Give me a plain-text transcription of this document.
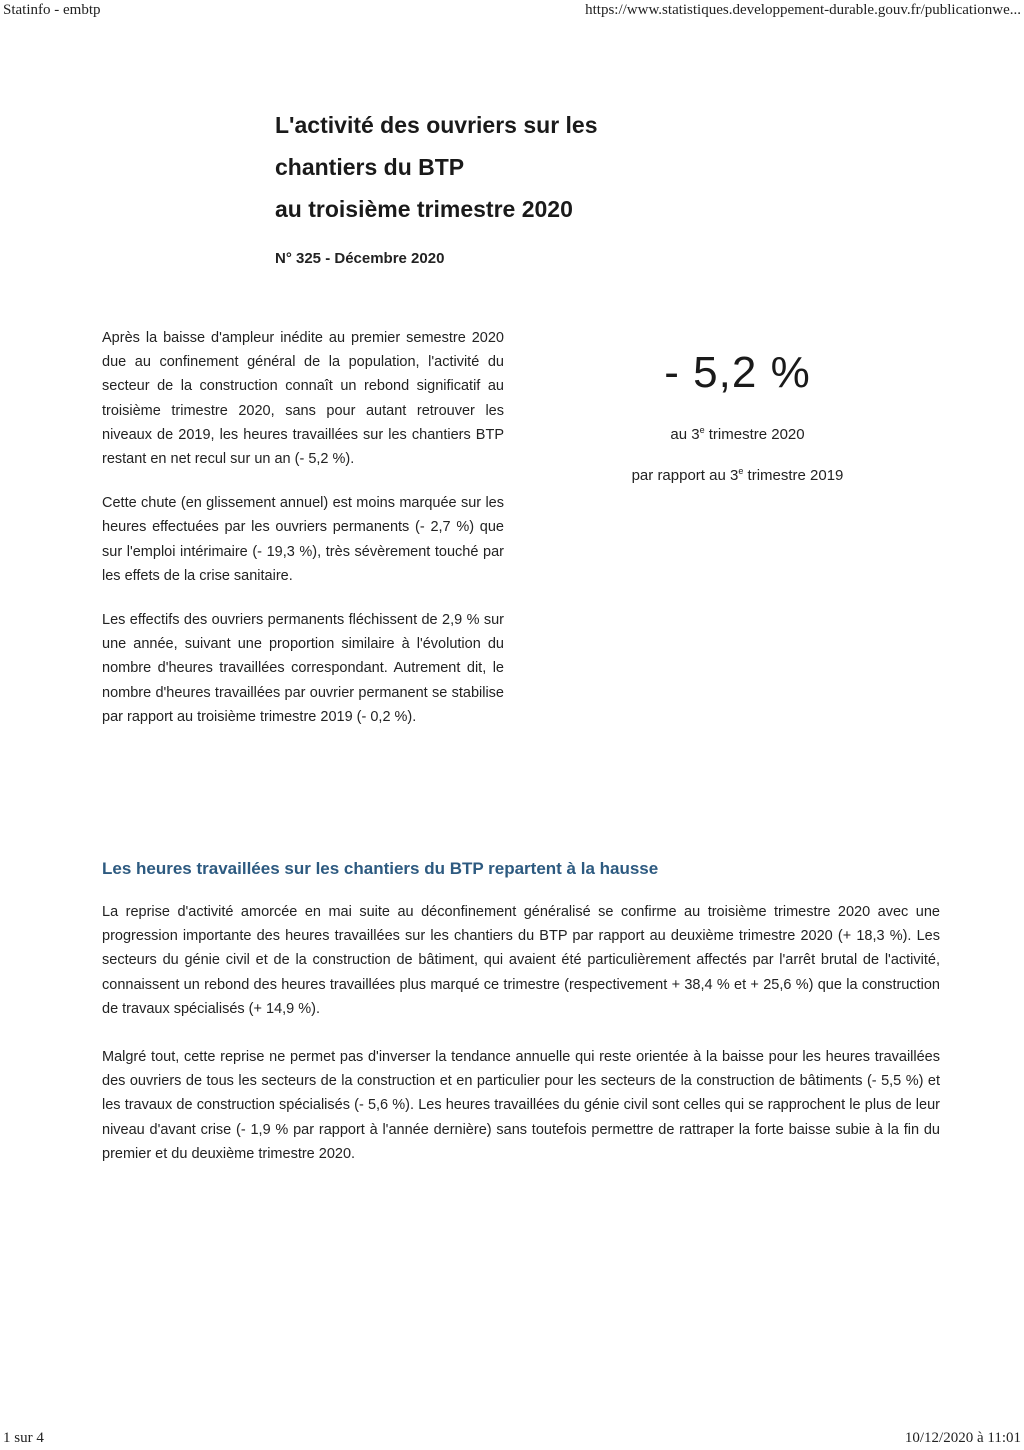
Statinfo - embtp	https://www.statistiques.developpement-durable.gouv.fr/publicationwe...
L'activité des ouvriers sur les
chantiers du BTP
au troisième trimestre 2020
N° 325 - Décembre 2020

Après la baisse d'ampleur inédite au premier semestre 2020 due au confinement général de la population, l'activité du secteur de la construction connaît un rebond significatif au troisième trimestre 2020, sans pour autant retrouver les niveaux de 2019, les heures travaillées sur les chantiers BTP restant en net recul sur un an (- 5,2 %).

Cette chute (en glissement annuel) est moins marquée sur les heures effectuées par les ouvriers permanents (- 2,7 %) que sur l'emploi intérimaire (- 19,3 %), très sévèrement touché par les effets de la crise sanitaire.

Les effectifs des ouvriers permanents fléchissent de 2,9 % sur une année, suivant une proportion similaire à l'évolution du nombre d'heures travaillées correspondant. Autrement dit, le nombre d'heures travaillées par ouvrier permanent se stabilise par rapport au troisième trimestre 2019 (- 0,2 %).

- 5,2 %
au 3e trimestre 2020
par rapport au 3e trimestre 2019
Les heures travaillées sur les chantiers du BTP repartent à la hausse

La reprise d'activité amorcée en mai suite au déconfinement généralisé se confirme au troisième trimestre 2020 avec une progression importante des heures travaillées sur les chantiers du BTP par rapport au deuxième trimestre 2020 (+ 18,3 %). Les secteurs du génie civil et de la construction de bâtiment, qui avaient été particulièrement affectés par l'arrêt brutal de l'activité, connaissent un rebond des heures travaillées plus marqué ce trimestre (respectivement + 38,4 % et + 25,6 %) que la construction de travaux spécialisés (+ 14,9 %).

Malgré tout, cette reprise ne permet pas d'inverser la tendance annuelle qui reste orientée à la baisse pour les heures travaillées des ouvriers de tous les secteurs de la construction et en particulier pour les secteurs de la construction de bâtiments (- 5,5 %) et les travaux de construction spécialisés (- 5,6 %). Les heures travaillées du génie civil sont celles qui se rapprochent le plus de leur niveau d'avant crise (- 1,9 % par rapport à l'année dernière) sans toutefois permettre de rattraper la forte baisse subie à la fin du premier et du deuxième trimestre 2020.

1 sur 4	10/12/2020 à 11:01
